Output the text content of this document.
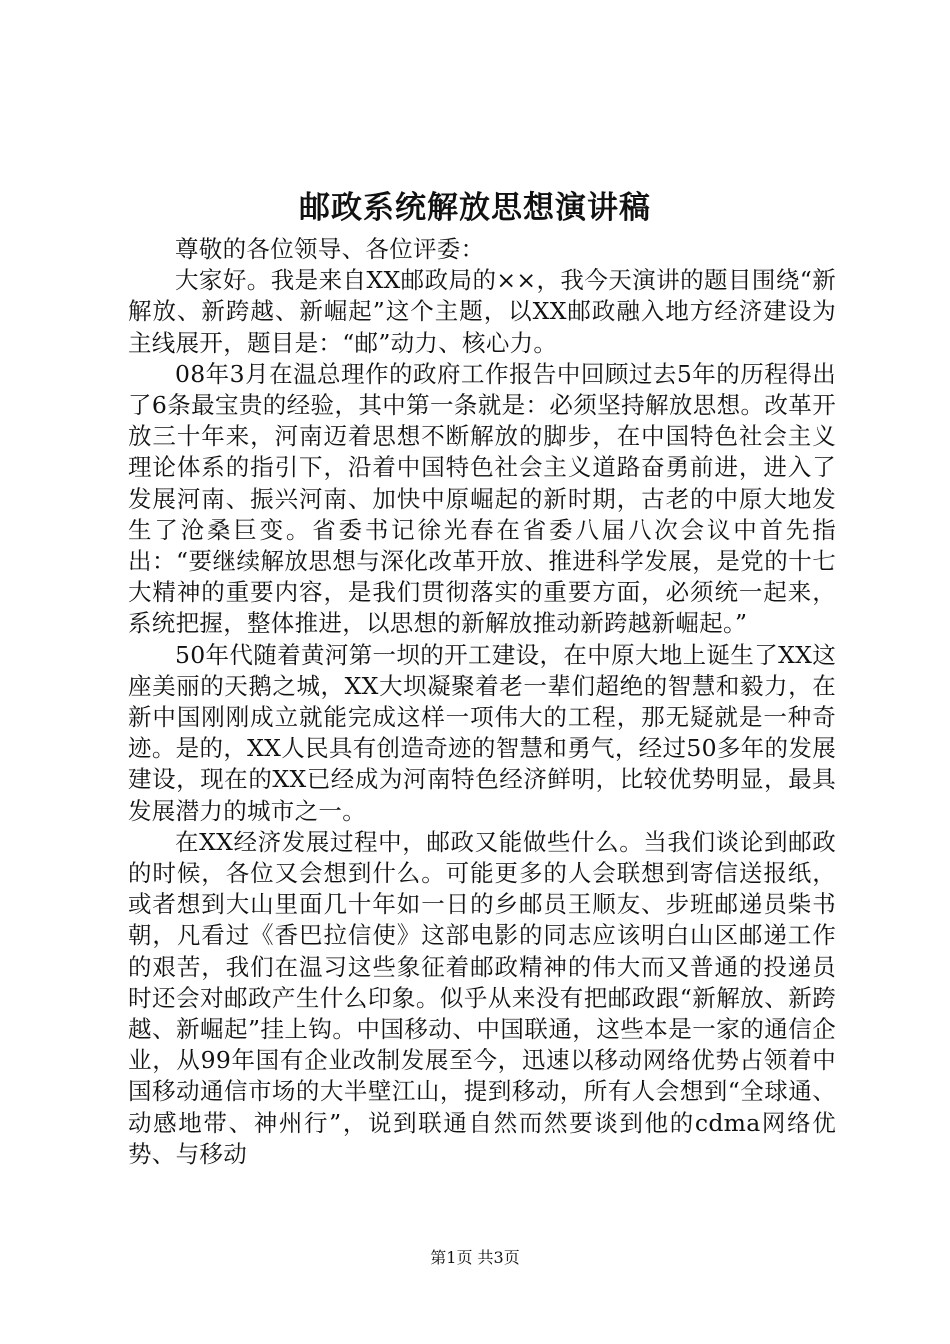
邮政系统解放思想演讲稿

尊敬的各位领导、各位评委：

大家好。我是来自XX邮政局的××，我今天演讲的题目围绕“新解放、新跨越、新崛起”这个主题，以XX邮政融入地方经济建设为主线展开，题目是：“邮”动力、核心力。

08年3月在温总理作的政府工作报告中回顾过去5年的历程得出了6条最宝贵的经验，其中第一条就是：必须坚持解放思想。改革开放三十年来，河南迈着思想不断解放的脚步，在中国特色社会主义理论体系的指引下，沿着中国特色社会主义道路奋勇前进，进入了发展河南、振兴河南、加快中原崛起的新时期，古老的中原大地发生了沧桑巨变。省委书记徐光春在省委八届八次会议中首先指出：“要继续解放思想与深化改革开放、推进科学发展，是党的十七大精神的重要内容，是我们贯彻落实的重要方面，必须统一起来，系统把握，整体推进，以思想的新解放推动新跨越新崛起。”

50年代随着黄河第一坝的开工建设，在中原大地上诞生了XX这座美丽的天鹅之城，XX大坝凝聚着老一辈们超绝的智慧和毅力，在新中国刚刚成立就能完成这样一项伟大的工程，那无疑就是一种奇迹。是的，XX人民具有创造奇迹的智慧和勇气，经过50多年的发展建设，现在的XX已经成为河南特色经济鲜明，比较优势明显，最具发展潜力的城市之一。

在XX经济发展过程中，邮政又能做些什么。当我们谈论到邮政的时候，各位又会想到什么。可能更多的人会联想到寄信送报纸，或者想到大山里面几十年如一日的乡邮员王顺友、步班邮递员柴书朝，凡看过《香巴拉信使》这部电影的同志应该明白山区邮递工作的艰苦，我们在温习这些象征着邮政精神的伟大而又普通的投递员时还会对邮政产生什么印象。似乎从来没有把邮政跟“新解放、新跨越、新崛起”挂上钩。中国移动、中国联通，这些本是一家的通信企业，从99年国有企业改制发展至今，迅速以移动网络优势占领着中国移动通信市场的大半壁江山，提到移动，所有人会想到“全球通、动感地带、神州行”，说到联通自然而然要谈到他的cdma网络优势、与移动

第1页 共3页
